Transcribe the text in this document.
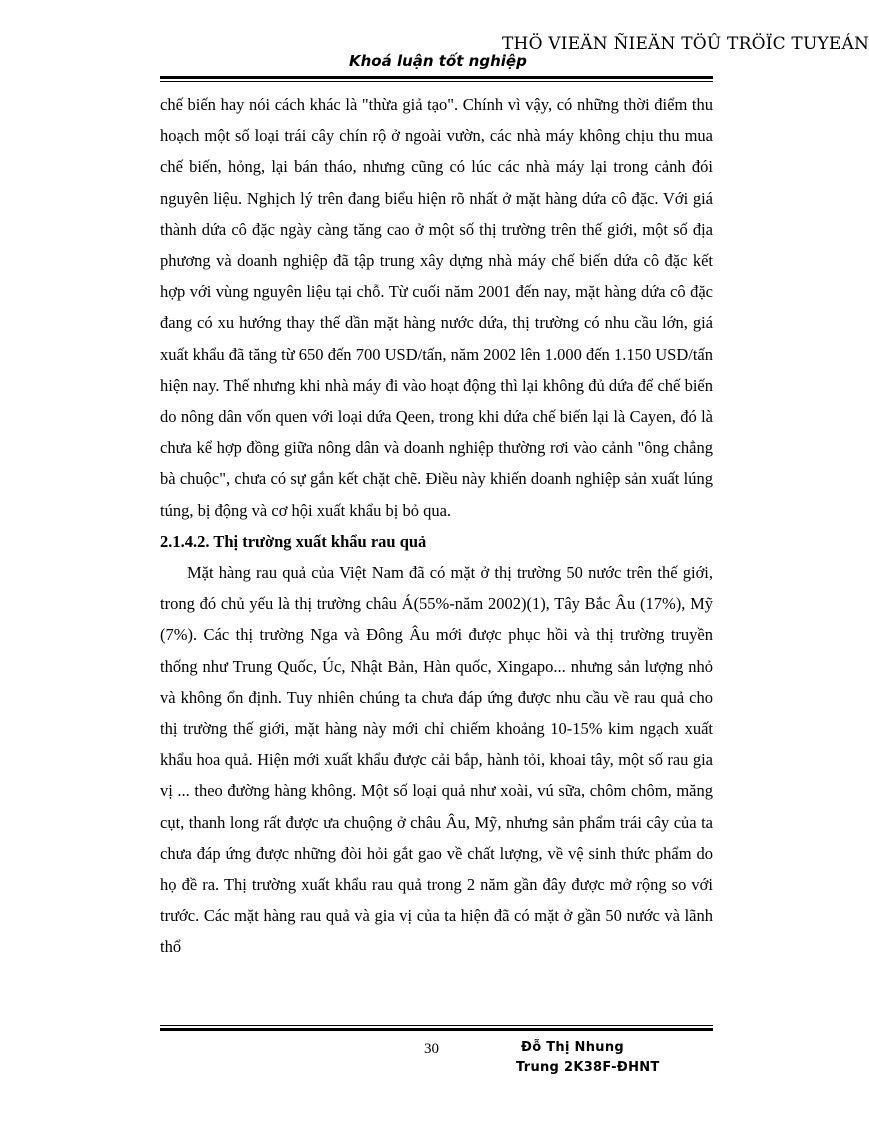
THÖ VIEÄN ÑIEÄN TÖÛ TRÖÏC TUYEÁN
Khoá luận tốt nghiệp

chế biến hay nói cách khác là "thừa giả tạo". Chính vì vậy, có những thời điểm thu hoạch một số loại trái cây chín rộ ở ngoài vườn, các nhà máy không chịu thu mua chế biến, hỏng, lại bán tháo, nhưng cũng có lúc các nhà máy lại trong cảnh đói nguyên liệu. Nghịch lý trên đang biểu hiện rõ nhất ở mặt hàng dứa cô đặc. Với giá thành dứa cô đặc ngày càng tăng cao ở một số thị trường trên thế giới, một số địa phương và doanh nghiệp đã tập trung xây dựng nhà máy chế biến dứa cô đặc kết hợp với vùng nguyên liệu tại chỗ. Từ cuối năm 2001 đến nay, mặt hàng dứa cô đặc đang có xu hướng thay thế dần mặt hàng nước dứa, thị trường có nhu cầu lớn, giá xuất khẩu đã tăng từ 650 đến 700 USD/tấn, năm 2002 lên 1.000 đến 1.150 USD/tấn hiện nay. Thế nhưng khi nhà máy đi vào hoạt động thì lại không đủ dứa để chế biến do nông dân vốn quen với loại dứa Qeen, trong khi dứa chế biến lại là Cayen, đó là chưa kể hợp đồng giữa nông dân và doanh nghiệp thường rơi vào cảnh "ông chẳng bà chuộc", chưa có sự gắn kết chặt chẽ. Điều này khiến doanh nghiệp sản xuất lúng túng, bị động và cơ hội xuất khẩu bị bỏ qua.

2.1.4.2. Thị trường xuất khẩu rau quả

Mặt hàng rau quả của Việt Nam đã có mặt ở thị trường 50 nước trên thế giới, trong đó chủ yếu là thị trường châu Á(55%-năm 2002)(1), Tây Bắc Âu (17%), Mỹ (7%). Các thị trường Nga và Đông Âu mới được phục hồi và thị trường truyền thống như Trung Quốc, Úc, Nhật Bản, Hàn quốc, Xingapo... nhưng sản lượng nhỏ và không ổn định. Tuy nhiên chúng ta chưa đáp ứng được nhu cầu về rau quả cho thị trường thế giới, mặt hàng này mới chỉ chiếm khoảng 10-15% kim ngạch xuất khẩu hoa quả. Hiện mới xuất khẩu được cải bắp, hành tỏi, khoai tây, một số rau gia vị ... theo đường hàng không. Một số loại quả như xoài, vú sữa, chôm chôm, măng cụt, thanh long rất được ưa chuộng ở châu Âu, Mỹ, nhưng sản phẩm trái cây của ta chưa đáp ứng được những đòi hỏi gắt gao về chất lượng, về vệ sinh thức phẩm do họ đề ra. Thị trường xuất khẩu rau quả trong 2 năm gần đây được mở rộng so với trước. Các mặt hàng rau quả và gia vị của ta hiện đã có mặt ở gần 50 nước và lãnh thổ

30	Đỗ Thị Nhung
Trung 2K38F-ĐHNT
